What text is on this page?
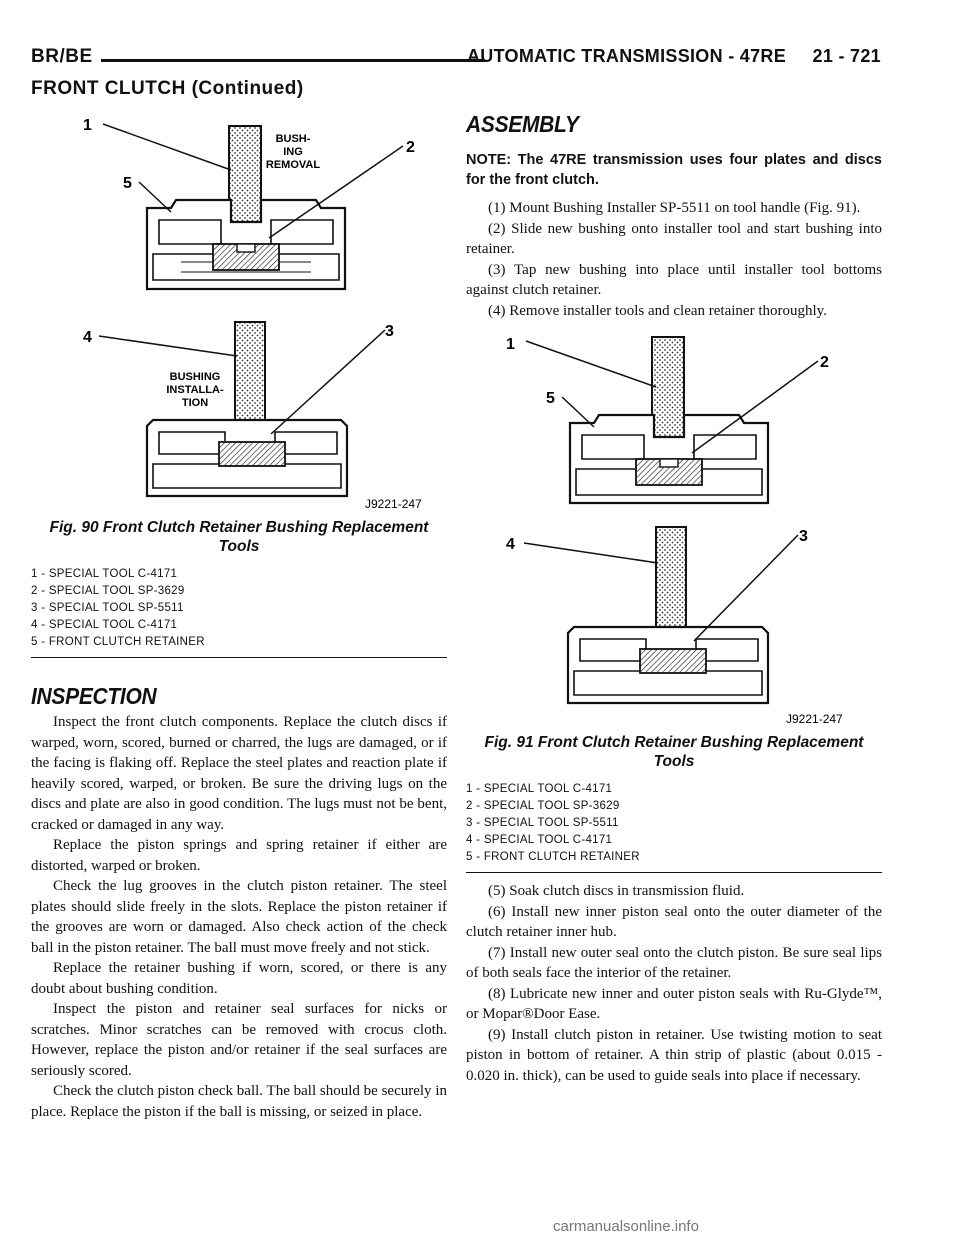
BR/BE	AUTOMATIC TRANSMISSION - 47RE     21 - 721
FRONT CLUTCH (Continued)
BUSH-
ING
REMOVAL
BUSHING
INSTALLA-
TION
1
2
3
4
5
J9221-247
Fig. 90 Front Clutch Retainer Bushing Replacement Tools
1 - SPECIAL TOOL C-4171
2 - SPECIAL TOOL SP-3629
3 - SPECIAL TOOL SP-5511
4 - SPECIAL TOOL C-4171
5 - FRONT CLUTCH RETAINER
INSPECTION

Inspect the front clutch components. Replace the clutch discs if warped, worn, scored, burned or charred, the lugs are damaged, or if the facing is flaking off. Replace the steel plates and reaction plate if heavily scored, warped, or broken. Be sure the driving lugs on the discs and plate are also in good condition. The lugs must not be bent, cracked or damaged in any way.

Replace the piston springs and spring retainer if either are distorted, warped or broken.

Check the lug grooves in the clutch piston retainer. The steel plates should slide freely in the slots. Replace the piston retainer if the grooves are worn or damaged. Also check action of the check ball in the piston retainer. The ball must move freely and not stick.

Replace the retainer bushing if worn, scored, or there is any doubt about bushing condition.

Inspect the piston and retainer seal surfaces for nicks or scratches. Minor scratches can be removed with crocus cloth. However, replace the piston and/or retainer if the seal surfaces are seriously scored.

Check the clutch piston check ball. The ball should be securely in place. Replace the piston if the ball is missing, or seized in place.

ASSEMBLY

NOTE: The 47RE transmission uses four plates and discs for the front clutch.

(1) Mount Bushing Installer SP-5511 on tool handle (Fig. 91).

(2) Slide new bushing onto installer tool and start bushing into retainer.

(3) Tap new bushing into place until installer tool bottoms against clutch retainer.

(4) Remove installer tools and clean retainer thoroughly.

1
2
3
4
5
J9221-247
Fig. 91 Front Clutch Retainer Bushing Replacement Tools
1 - SPECIAL TOOL C-4171
2 - SPECIAL TOOL SP-3629
3 - SPECIAL TOOL SP-5511
4 - SPECIAL TOOL C-4171
5 - FRONT CLUTCH RETAINER

(5) Soak clutch discs in transmission fluid.

(6) Install new inner piston seal onto the outer diameter of the clutch retainer inner hub.

(7) Install new outer seal onto the clutch piston. Be sure seal lips of both seals face the interior of the retainer.

(8) Lubricate new inner and outer piston seals with Ru-Glyde™, or Mopar®Door Ease.

(9) Install clutch piston in retainer. Use twisting motion to seat piston in bottom of retainer. A thin strip of plastic (about 0.015 - 0.020 in. thick), can be used to guide seals into place if necessary.

carmanualsonline.info
